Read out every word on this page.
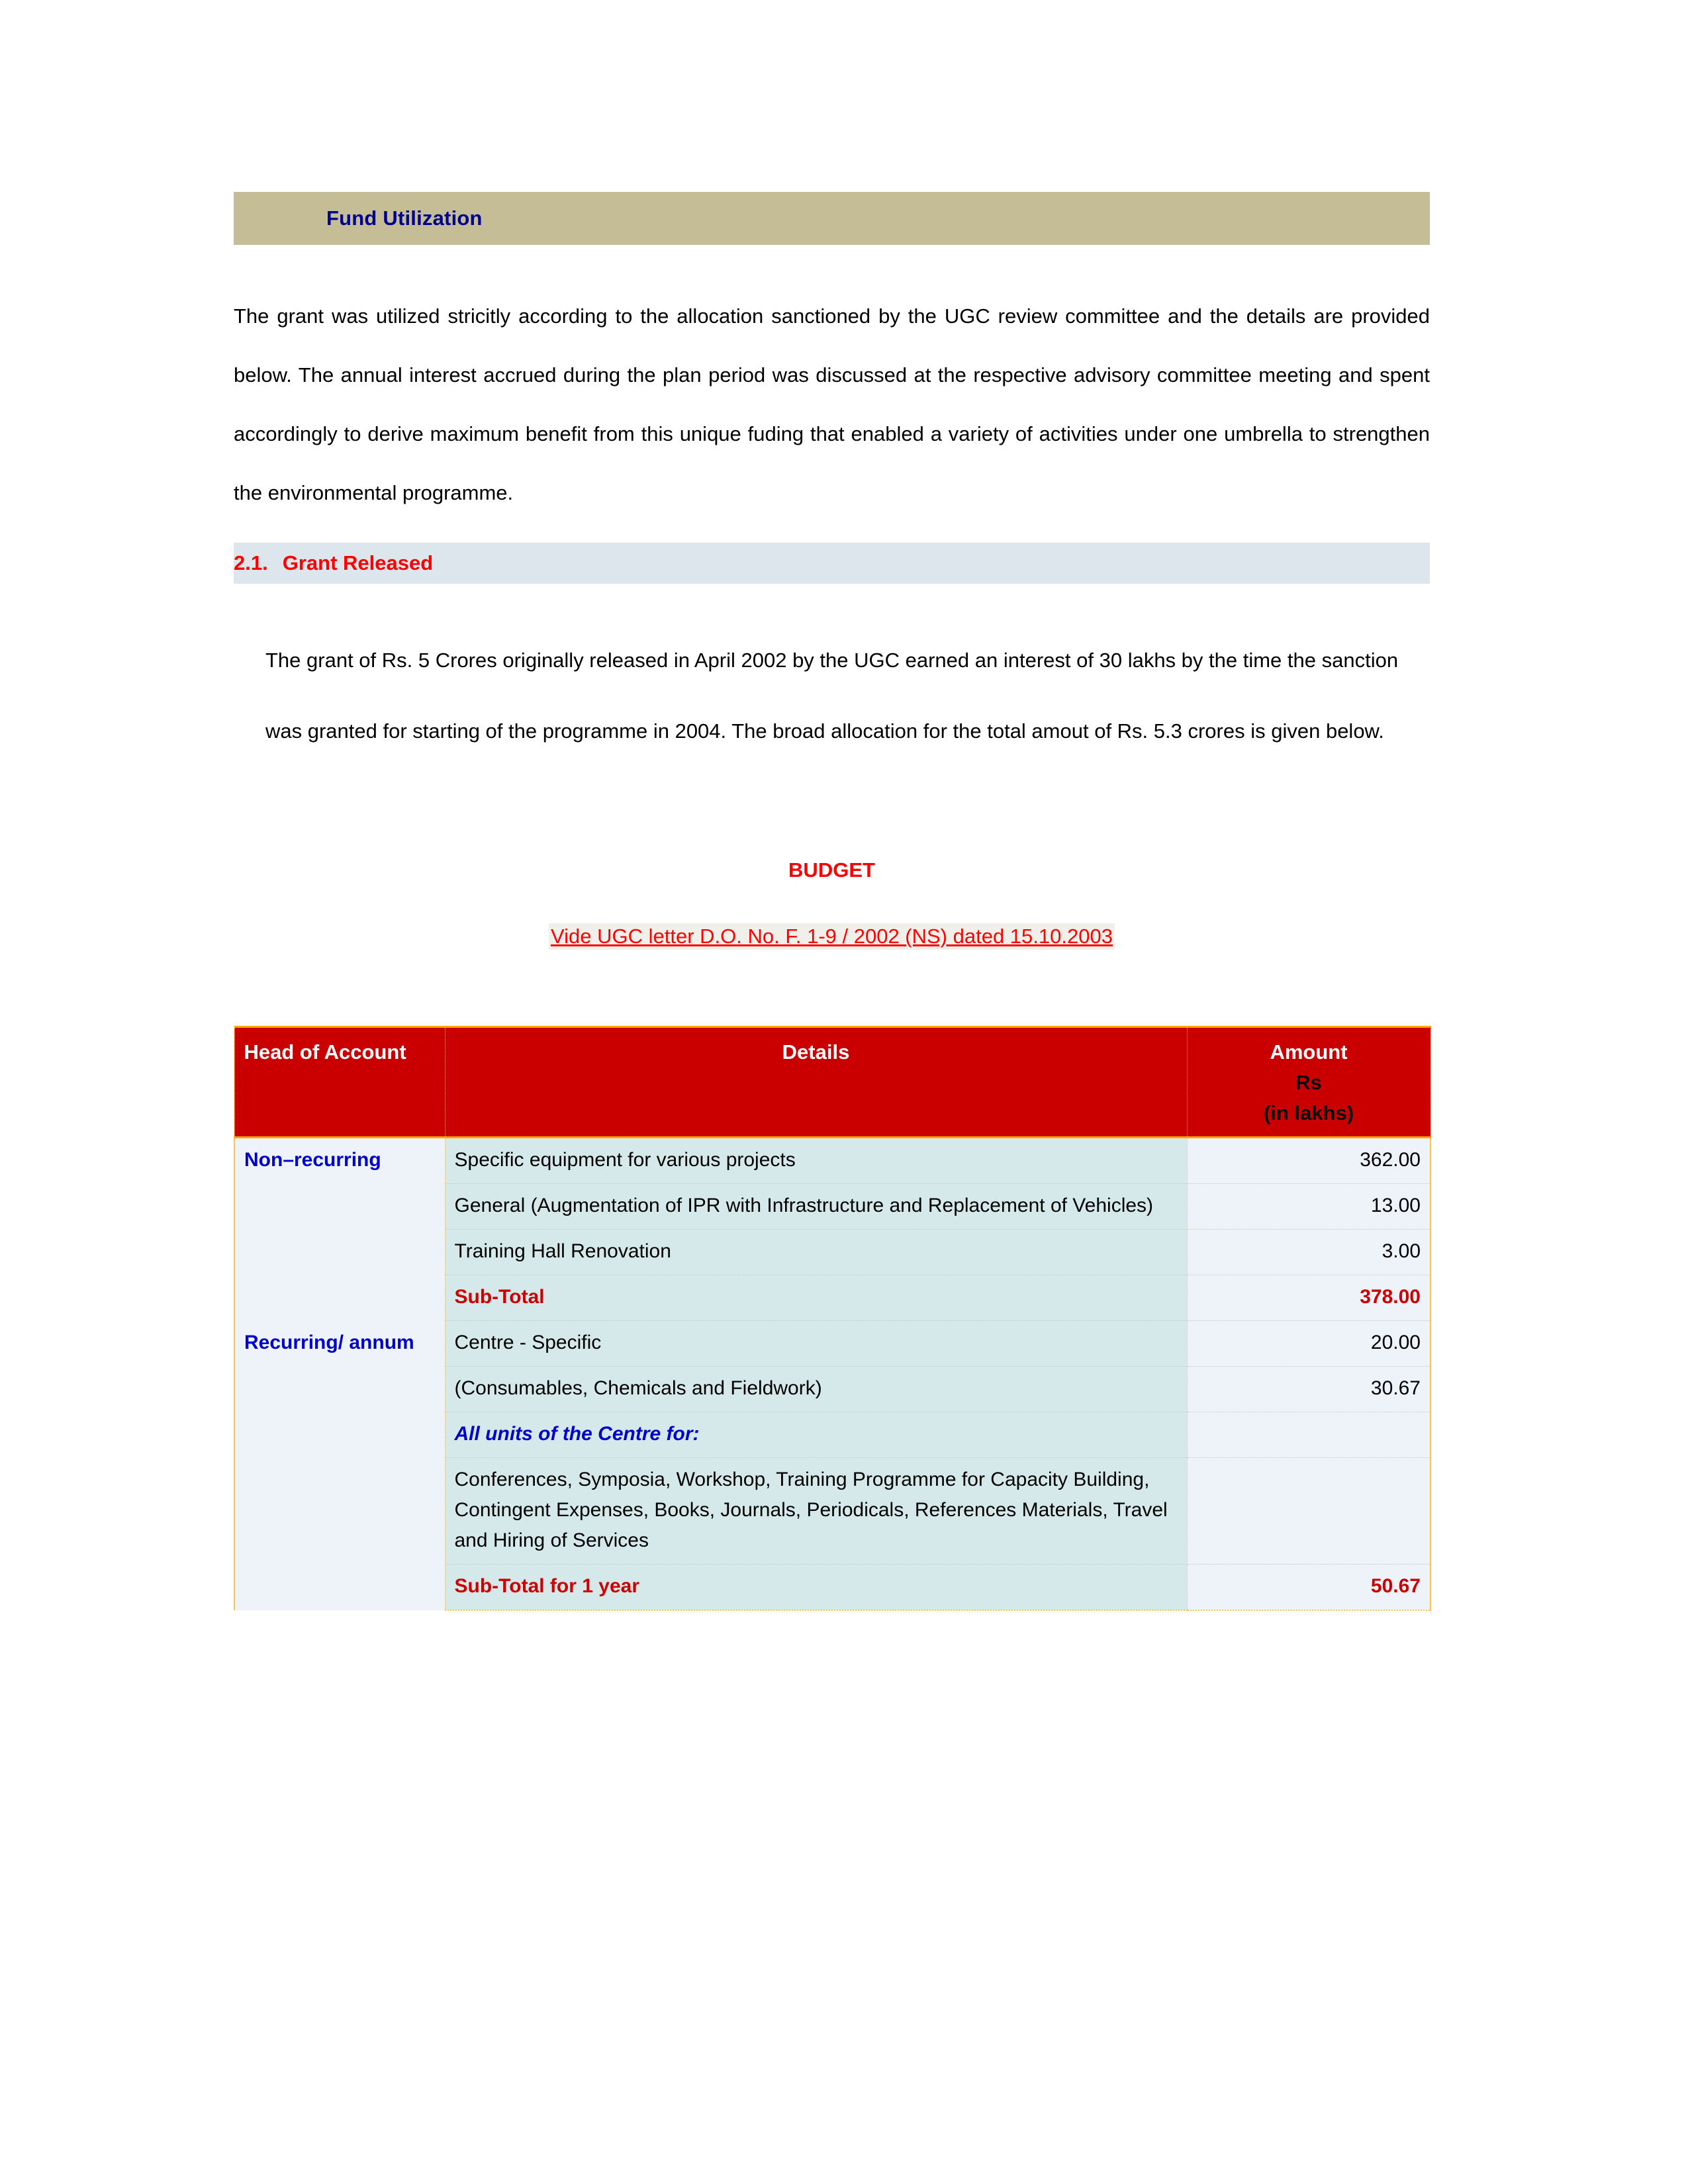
Fund Utilization

The grant was utilized stricitly according to the allocation sanctioned by the UGC review committee and the details are provided below. The annual interest accrued during the plan period was discussed at the respective advisory committee meeting and spent accordingly to derive maximum benefit from this unique fuding that enabled a variety of activities under one umbrella to strengthen the environmental programme.

2.1. Grant Released

The grant of Rs. 5 Crores originally released in April 2002 by the UGC earned an interest of 30 lakhs by the time the sanction was granted for starting of the programme in 2004. The broad allocation for the total amout of Rs. 5.3 crores is given below.

BUDGET
Vide UGC letter D.O. No. F. 1-9 / 2002 (NS) dated 15.10.2003
Head of Account	Details	Amount
Rs
(in lakhs)

Non–recurring	Specific equipment for various projects	362.00
	General (Augmentation of IPR with Infrastructure and Replacement of Vehicles)	13.00
	Training Hall Renovation	3.00
	Sub-Total	378.00
Recurring/ annum	Centre - Specific	20.00
	(Consumables, Chemicals and Fieldwork)	30.67
	All units of the Centre for:	
	Conferences, Symposia, Workshop, Training Programme for Capacity Building, Contingent Expenses, Books, Journals, Periodicals, References Materials, Travel and Hiring of Services	
	Sub-Total for 1 year	50.67
